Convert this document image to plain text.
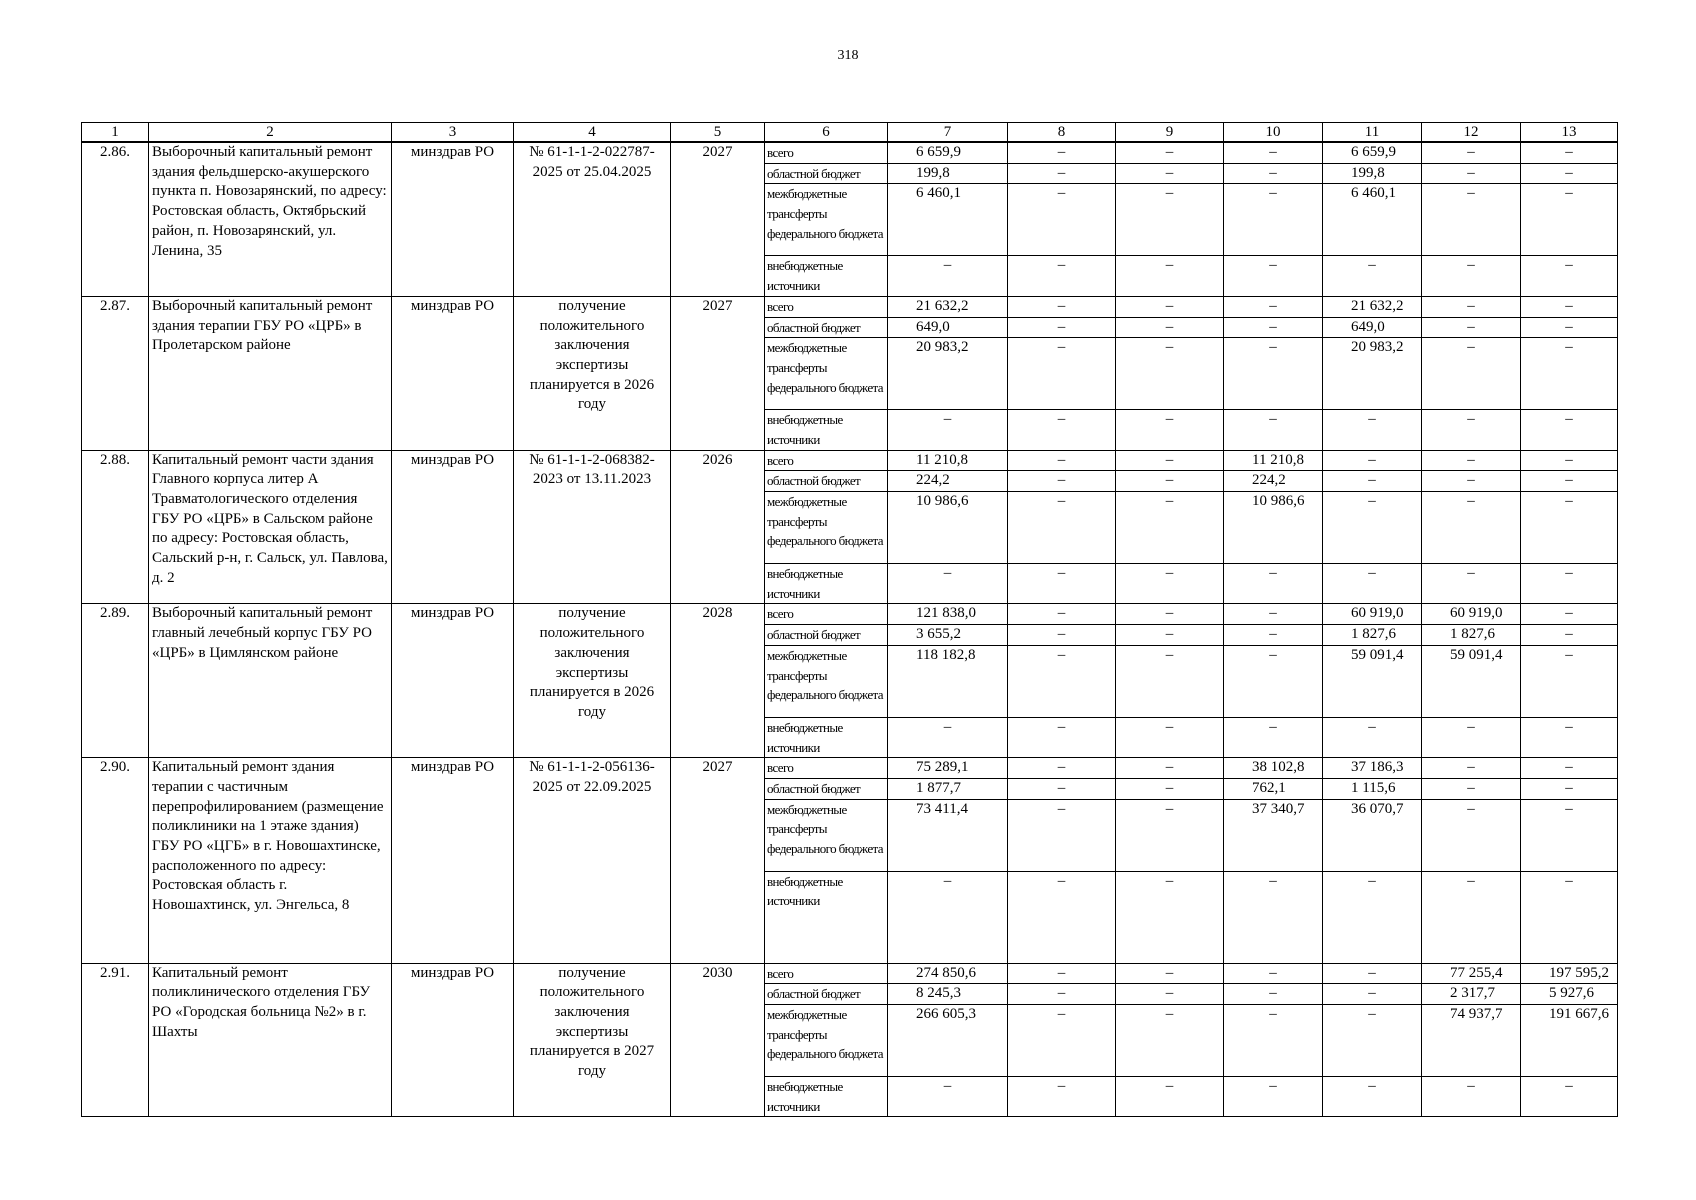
318
1	2	3	4	5	6	7	8	9	10	11	12	13
2.86.	Выборочный капитальный ремонт здания фельдшерско-акушерского пункта п. Новозарянский, по адресу: Ростовская область, Октябрьский район, п. Новозарянский, ул. Ленина, 35	минздрав РО	№ 61-1-1-2-022787-2025 от 25.04.2025	2027	всего	6 659,9	–	–	–	6 659,9	–	–
					областной бюджет	199,8	–	–	–	199,8	–	–
					межбюджетные трансферты федерального бюджета	6 460,1	–	–	–	6 460,1	–	–
					внебюджетные источники	–	–	–	–	–	–	–
2.87.	Выборочный капитальный ремонт здания терапии ГБУ РО «ЦРБ» в Пролетарском районе	минздрав РО	получение положительного заключения экспертизы планируется в 2026 году	2027	всего	21 632,2	–	–	–	21 632,2	–	–
					областной бюджет	649,0	–	–	–	649,0	–	–
					межбюджетные трансферты федерального бюджета	20 983,2	–	–	–	20 983,2	–	–
					внебюджетные источники	–	–	–	–	–	–	–
2.88.	Капитальный ремонт части здания Главного корпуса литер А Травматологического отделения ГБУ РО «ЦРБ» в Сальском районе по адресу: Ростовская область, Сальский р-н, г. Сальск, ул. Павлова, д. 2	минздрав РО	№ 61-1-1-2-068382-2023 от 13.11.2023	2026	всего	11 210,8	–	–	11 210,8	–	–	–
					областной бюджет	224,2	–	–	224,2	–	–	–
					межбюджетные трансферты федерального бюджета	10 986,6	–	–	10 986,6	–	–	–
					внебюджетные источники	–	–	–	–	–	–	–
2.89.	Выборочный капитальный ремонт главный лечебный корпус ГБУ РО «ЦРБ» в Цимлянском районе	минздрав РО	получение положительного заключения экспертизы планируется в 2026 году	2028	всего	121 838,0	–	–	–	60 919,0	60 919,0	–
					областной бюджет	3 655,2	–	–	–	1 827,6	1 827,6	–
					межбюджетные трансферты федерального бюджета	118 182,8	–	–	–	59 091,4	59 091,4	–
					внебюджетные источники	–	–	–	–	–	–	–
2.90.	Капитальный ремонт здания терапии с частичным перепрофилированием (размещение поликлиники на 1 этаже здания) ГБУ РО «ЦГБ» в г. Новошахтинске, расположенного по адресу: Ростовская область г. Новошахтинск, ул. Энгельса, 8	минздрав РО	№ 61-1-1-2-056136-2025 от 22.09.2025	2027	всего	75 289,1	–	–	38 102,8	37 186,3	–	–
					областной бюджет	1 877,7	–	–	762,1	1 115,6	–	–
					межбюджетные трансферты федерального бюджета	73 411,4	–	–	37 340,7	36 070,7	–	–
					внебюджетные источники	–	–	–	–	–	–	–
2.91.	Капитальный ремонт поликлинического отделения ГБУ РО «Городская больница №2» в г. Шахты	минздрав РО	получение положительного заключения экспертизы планируется в 2027 году	2030	всего	274 850,6	–	–	–	–	77 255,4	197 595,2
					областной бюджет	8 245,3	–	–	–	–	2 317,7	5 927,6
					межбюджетные трансферты федерального бюджета	266 605,3	–	–	–	–	74 937,7	191 667,6
					внебюджетные источники	–	–	–	–	–	–	–
